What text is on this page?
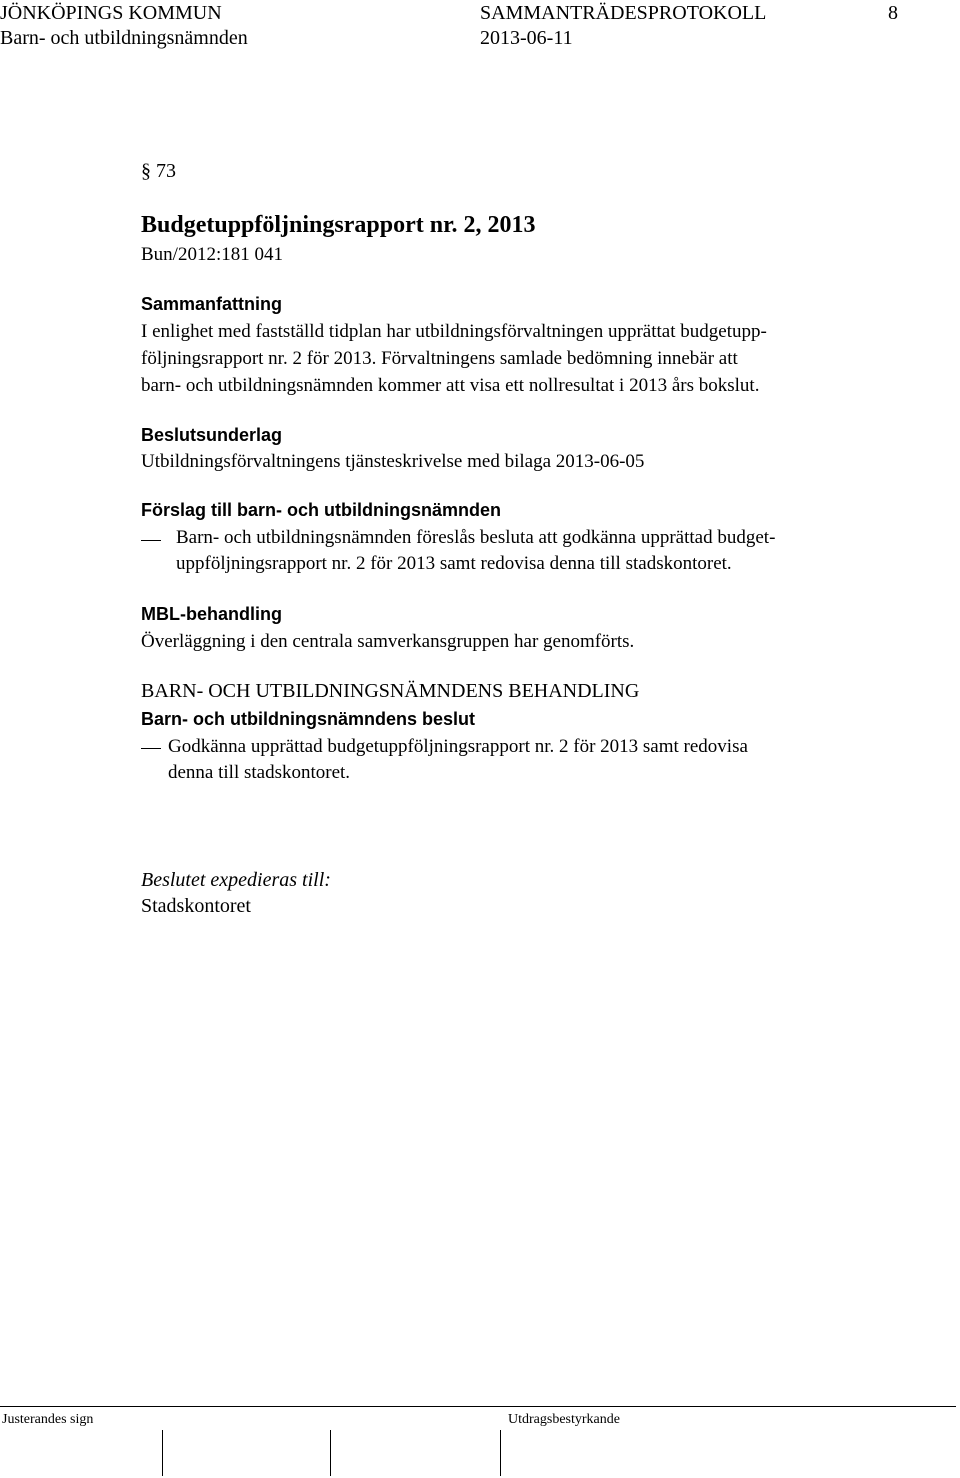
JÖNKÖPINGS KOMMUN	SAMMANTRÄDESPROTOKOLL	8
Barn- och utbildningsnämnden	2013-06-11
§ 73
Budgetuppföljningsrapport nr. 2, 2013
Bun/2012:181 041
Sammanfattning
I enlighet med fastställd tidplan har utbildningsförvaltningen upprättat budgetupp-
följningsrapport nr. 2 för 2013. Förvaltningens samlade bedömning innebär att
barn- och utbildningsnämnden kommer att visa ett nollresultat i 2013 års bokslut.
Beslutsunderlag
Utbildningsförvaltningens tjänsteskrivelse med bilaga 2013-06-05
Förslag till barn- och utbildningsnämnden
Barn- och utbildningsnämnden föreslås besluta att godkänna upprättad budget-
uppföljningsrapport nr. 2 för 2013 samt redovisa denna till stadskontoret.
MBL-behandling
Överläggning i den centrala samverkansgruppen har genomförts.
BARN- OCH UTBILDNINGSNÄMNDENS BEHANDLING
Barn- och utbildningsnämndens beslut
Godkänna upprättad budgetuppföljningsrapport nr. 2 för 2013 samt redovisa
denna till stadskontoret.
Beslutet expedieras till:
Stadskontoret
Justerandes sign	Utdragsbestyrkande
